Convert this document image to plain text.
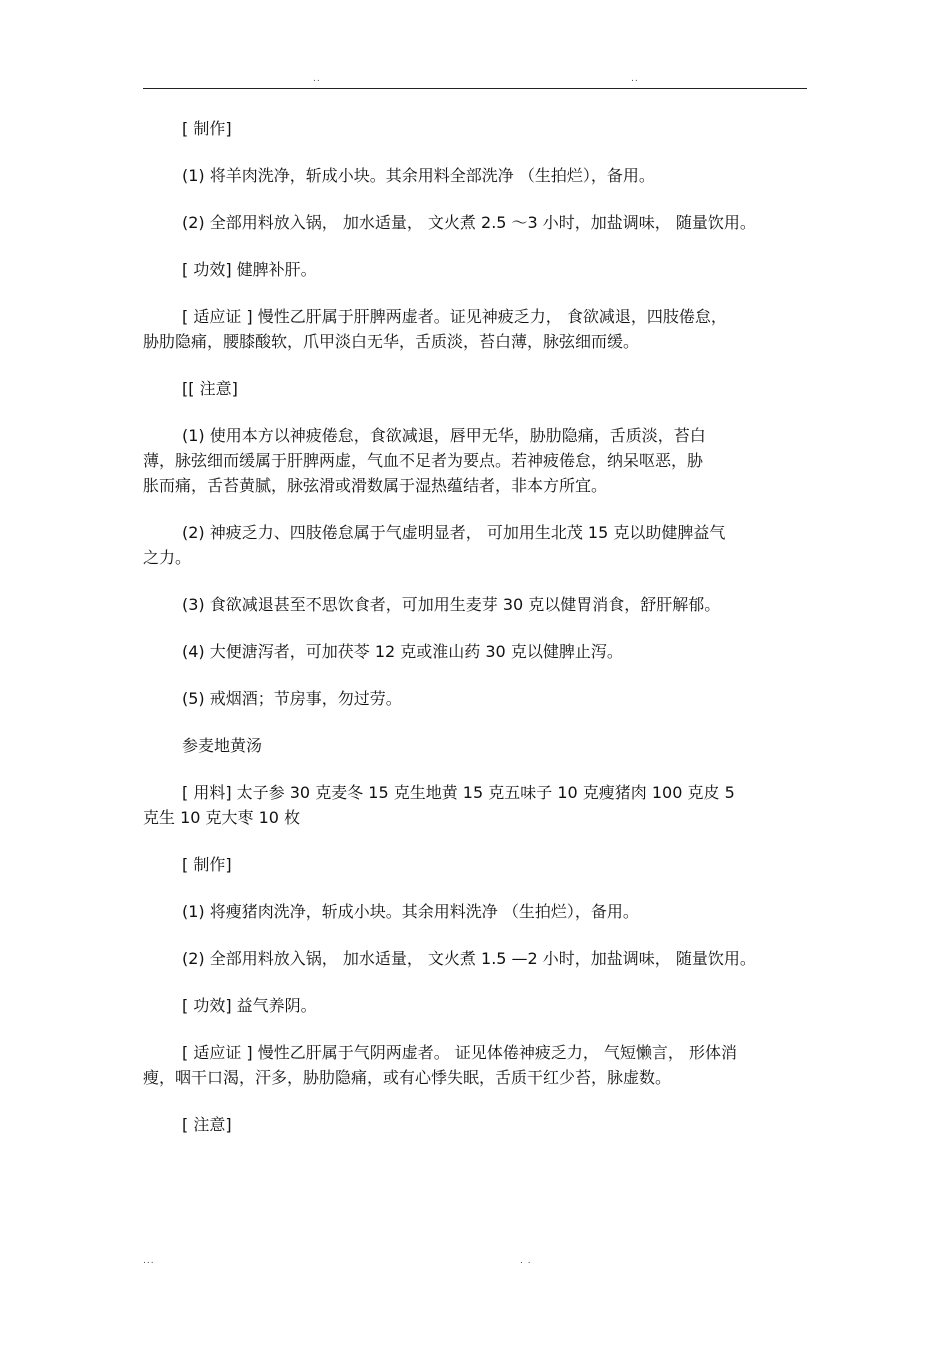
..	..

[ 制作]

(1) 将羊肉洗净，斩成小块。其余用料全部洗净 （生拍烂），备用。

(2) 全部用料放入锅， 加水适量， 文火煮 2.5 ～3 小时，加盐调味， 随量饮用。

[ 功效] 健脾补肝。

[ 适应证 ] 慢性乙肝属于肝脾两虚者。证见神疲乏力， 食欲减退，四肢倦怠，
胁肋隐痛，腰膝酸软，爪甲淡白无华，舌质淡，苔白薄，脉弦细而缓。

[[ 注意]

(1) 使用本方以神疲倦怠，食欲减退，唇甲无华，胁肋隐痛，舌质淡，苔白
薄，脉弦细而缓属于肝脾两虚，气血不足者为要点。若神疲倦怠，纳呆呕恶，胁
胀而痛，舌苔黄腻，脉弦滑或滑数属于湿热蕴结者，非本方所宜。

(2) 神疲乏力、四肢倦怠属于气虚明显者， 可加用生北茂 15 克以助健脾益气
之力。

(3) 食欲减退甚至不思饮食者，可加用生麦芽 30 克以健胃消食，舒肝解郁。

(4) 大便溏泻者，可加茯苓 12 克或淮山药 30 克以健脾止泻。

(5) 戒烟酒；节房事，勿过劳。

参麦地黄汤

[ 用料] 太子参 30 克麦冬 15 克生地黄 15 克五味子 10 克瘦猪肉 100 克皮 5
克生 10 克大枣 10 枚

[ 制作]

(1) 将瘦猪肉洗净，斩成小块。其余用料洗净 （生拍烂），备用。

(2) 全部用料放入锅， 加水适量， 文火煮 1.5 —2 小时，加盐调味， 随量饮用。

[ 功效] 益气养阴。

[ 适应证 ] 慢性乙肝属于气阴两虚者。 证见体倦神疲乏力， 气短懒言， 形体消
瘦，咽干口渴，汗多，胁肋隐痛，或有心悸失眠，舌质干红少苔，脉虚数。

[ 注意]

...	. .
